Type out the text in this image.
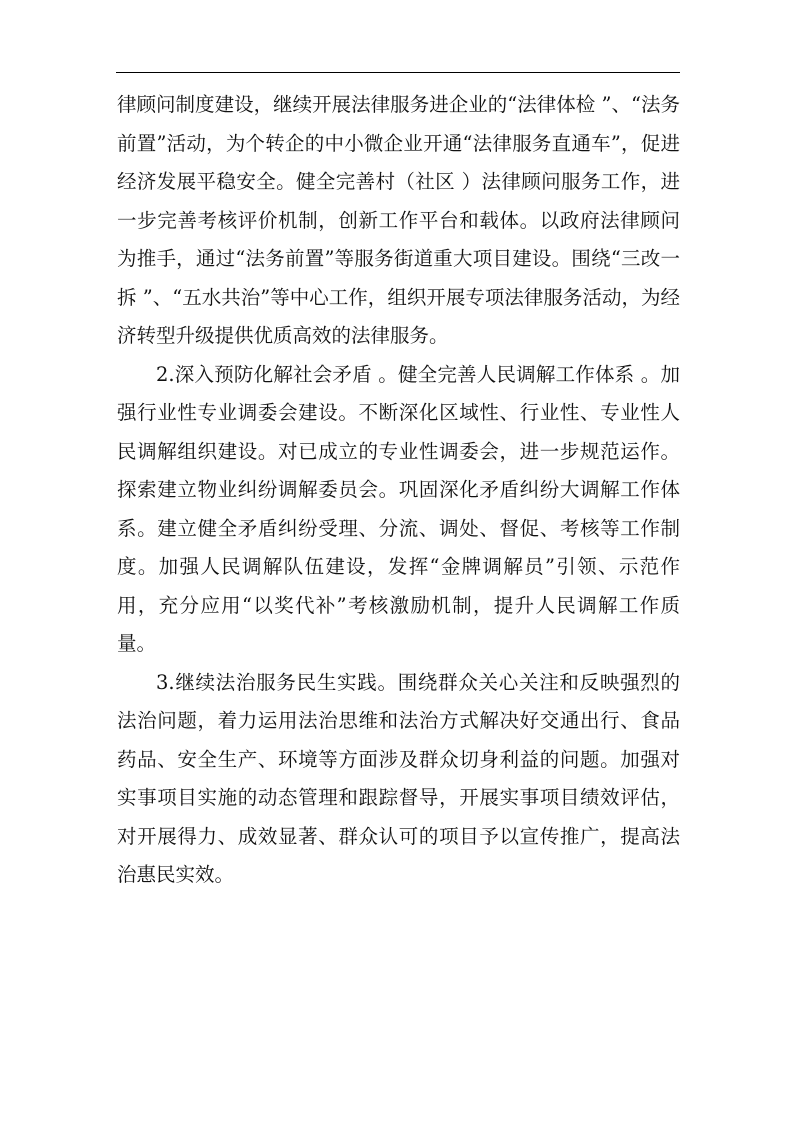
律顾问制度建设，继续开展法律服务进企业的“法律体检 ”、“法务前置”活动，为个转企的中小微企业开通“法律服务直通车”，促进经济发展平稳安全。健全完善村（社区 ）法律顾问服务工作，进一步完善考核评价机制，创新工作平台和载体。以政府法律顾问为推手，通过“法务前置”等服务街道重大项目建设。围绕“三改一拆 ”、“五水共治”等中心工作，组织开展专项法律服务活动，为经济转型升级提供优质高效的法律服务。

2.深入预防化解社会矛盾 。健全完善人民调解工作体系 。加强行业性专业调委会建设。不断深化区域性、行业性、专业性人民调解组织建设。对已成立的专业性调委会，进一步规范运作。探索建立物业纠纷调解委员会。巩固深化矛盾纠纷大调解工作体系。建立健全矛盾纠纷受理、分流、调处、督促、考核等工作制度。加强人民调解队伍建设，发挥“金牌调解员”引领、示范作用，充分应用“以奖代补”考核激励机制，提升人民调解工作质量。

3.继续法治服务民生实践。围绕群众关心关注和反映强烈的法治问题，着力运用法治思维和法治方式解决好交通出行、食品药品、安全生产、环境等方面涉及群众切身利益的问题。加强对实事项目实施的动态管理和跟踪督导，开展实事项目绩效评估，对开展得力、成效显著、群众认可的项目予以宣传推广，提高法治惠民实效。
